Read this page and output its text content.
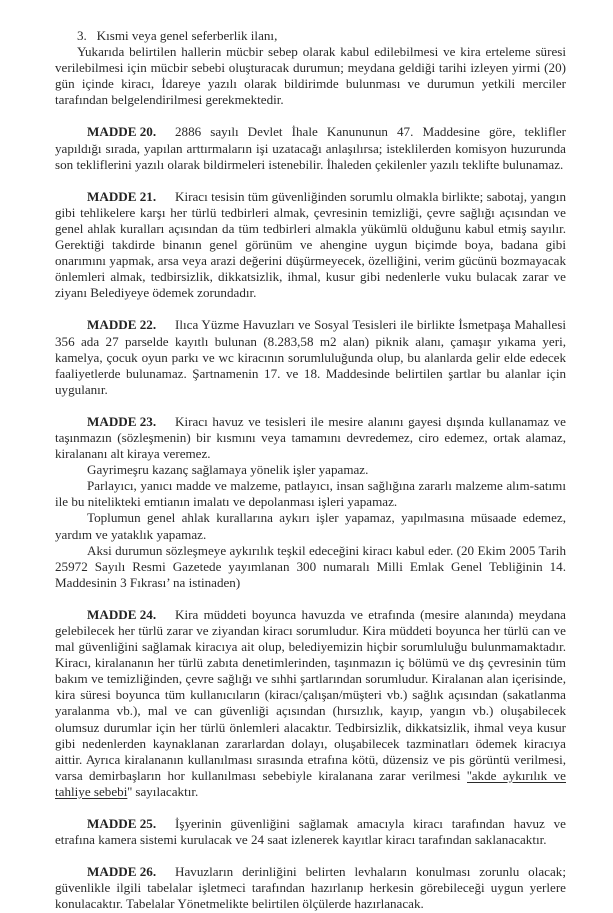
3.   Kısmi veya genel seferberlik ilanı,

Yukarıda belirtilen hallerin mücbir sebep olarak kabul edilebilmesi ve kira erteleme süresi verilebilmesi için mücbir sebebi oluşturacak durumun; meydana geldiği tarihi izleyen yirmi (20) gün içinde kiracı, İdareye yazılı olarak bildirimde bulunması ve durumun yetkili merciler tarafından belgelendirilmesi gerekmektedir.

MADDE 20. 2886 sayılı Devlet İhale Kanununun 47. Maddesine göre, teklifler yapıldığı sırada, yapılan arttırmaların işi uzatacağı anlaşılırsa; isteklilerden komisyon huzurunda son tekliflerini yazılı olarak bildirmeleri istenebilir. İhaleden çekilenler yazılı teklifte bulunamaz.

MADDE 21. Kiracı tesisin tüm güvenliğinden sorumlu olmakla birlikte; sabotaj, yangın gibi tehlikelere karşı her türlü tedbirleri almak, çevresinin temizliği, çevre sağlığı açısından ve genel ahlak kuralları açısından da tüm tedbirleri almakla yükümlü olduğunu kabul etmiş sayılır. Gerektiği takdirde binanın genel görünüm ve ahengine uygun biçimde boya, badana gibi onarımını yapmak, arsa veya arazi değerini düşürmeyecek, özelliğini, verim gücünü bozmayacak önlemleri almak, tedbirsizlik, dikkatsizlik, ihmal, kusur gibi nedenlerle vuku bulacak zarar ve ziyanı Belediyeye ödemek zorundadır.

MADDE 22. Ilıca Yüzme Havuzları ve Sosyal Tesisleri ile birlikte İsmetpaşa Mahallesi 356 ada 27 parselde kayıtlı bulunan (8.283,58 m2 alan) piknik alanı, çamaşır yıkama yeri, kamelya, çocuk oyun parkı ve wc kiracının sorumluluğunda olup, bu alanlarda gelir elde edecek faaliyetlerde bulunamaz. Şartnamenin 17. ve 18. Maddesinde belirtilen şartlar bu alanlar için uygulanır.

MADDE 23. Kiracı havuz ve tesisleri ile mesire alanını gayesi dışında kullanamaz ve taşınmazın (sözleşmenin) bir kısmını veya tamamını devredemez, ciro edemez, ortak alamaz, kiralananı alt kiraya veremez.

Gayrimeşru kazanç sağlamaya yönelik işler yapamaz.

Parlayıcı, yanıcı madde ve malzeme, patlayıcı, insan sağlığına zararlı malzeme alım-satımı ile bu nitelikteki emtianın imalatı ve depolanması işleri yapamaz.

Toplumun genel ahlak kurallarına aykırı işler yapamaz, yapılmasına müsaade edemez, yardım ve yataklık yapamaz.

Aksi durumun sözleşmeye aykırılık teşkil edeceğini kiracı kabul eder. (20 Ekim 2005 Tarih 25972 Sayılı Resmi Gazetede yayımlanan 300 numaralı Milli Emlak Genel Tebliğinin 14. Maddesinin 3 Fıkrası’ na istinaden)

MADDE 24. Kira müddeti boyunca havuzda ve etrafında (mesire alanında) meydana gelebilecek her türlü zarar ve ziyandan kiracı sorumludur. Kira müddeti boyunca her türlü can ve mal güvenliğini sağlamak kiracıya ait olup, belediyemizin hiçbir sorumluluğu bulunmamaktadır. Kiracı, kiralananın her türlü zabıta denetimlerinden, taşınmazın iç bölümü ve dış çevresinin tüm bakım ve temizliğinden, çevre sağlığı ve sıhhi şartlarından sorumludur. Kiralanan alan içerisinde, kira süresi boyunca tüm kullanıcıların (kiracı/çalışan/müşteri vb.) sağlık açısından (sakatlanma yaralanma vb.), mal ve can güvenliği açısından (hırsızlık, kayıp, yangın vb.) oluşabilecek olumsuz durumlar için her türlü önlemleri alacaktır. Tedbirsizlik, dikkatsizlik, ihmal veya kusur gibi nedenlerden kaynaklanan zararlardan dolayı, oluşabilecek tazminatları ödemek kiracıya aittir. Ayrıca kiralananın kullanılması sırasında etrafına kötü, düzensiz ve pis görüntü verilmesi, varsa demirbaşların hor kullanılması sebebiyle kiralanana zarar verilmesi ''akde aykırılık ve tahliye sebebi'' sayılacaktır.

MADDE 25. İşyerinin güvenliğini sağlamak amacıyla kiracı tarafından havuz ve etrafına kamera sistemi kurulacak ve 24 saat izlenerek kayıtlar kiracı tarafından saklanacaktır.

MADDE 26. Havuzların derinliğini belirten levhaların konulması zorunlu olacak; güvenlikle ilgili tabelalar işletmeci tarafından hazırlanıp herkesin görebileceği uygun yerlere konulacaktır. Tabelalar Yönetmelikte belirtilen ölçülerde hazırlanacak.
